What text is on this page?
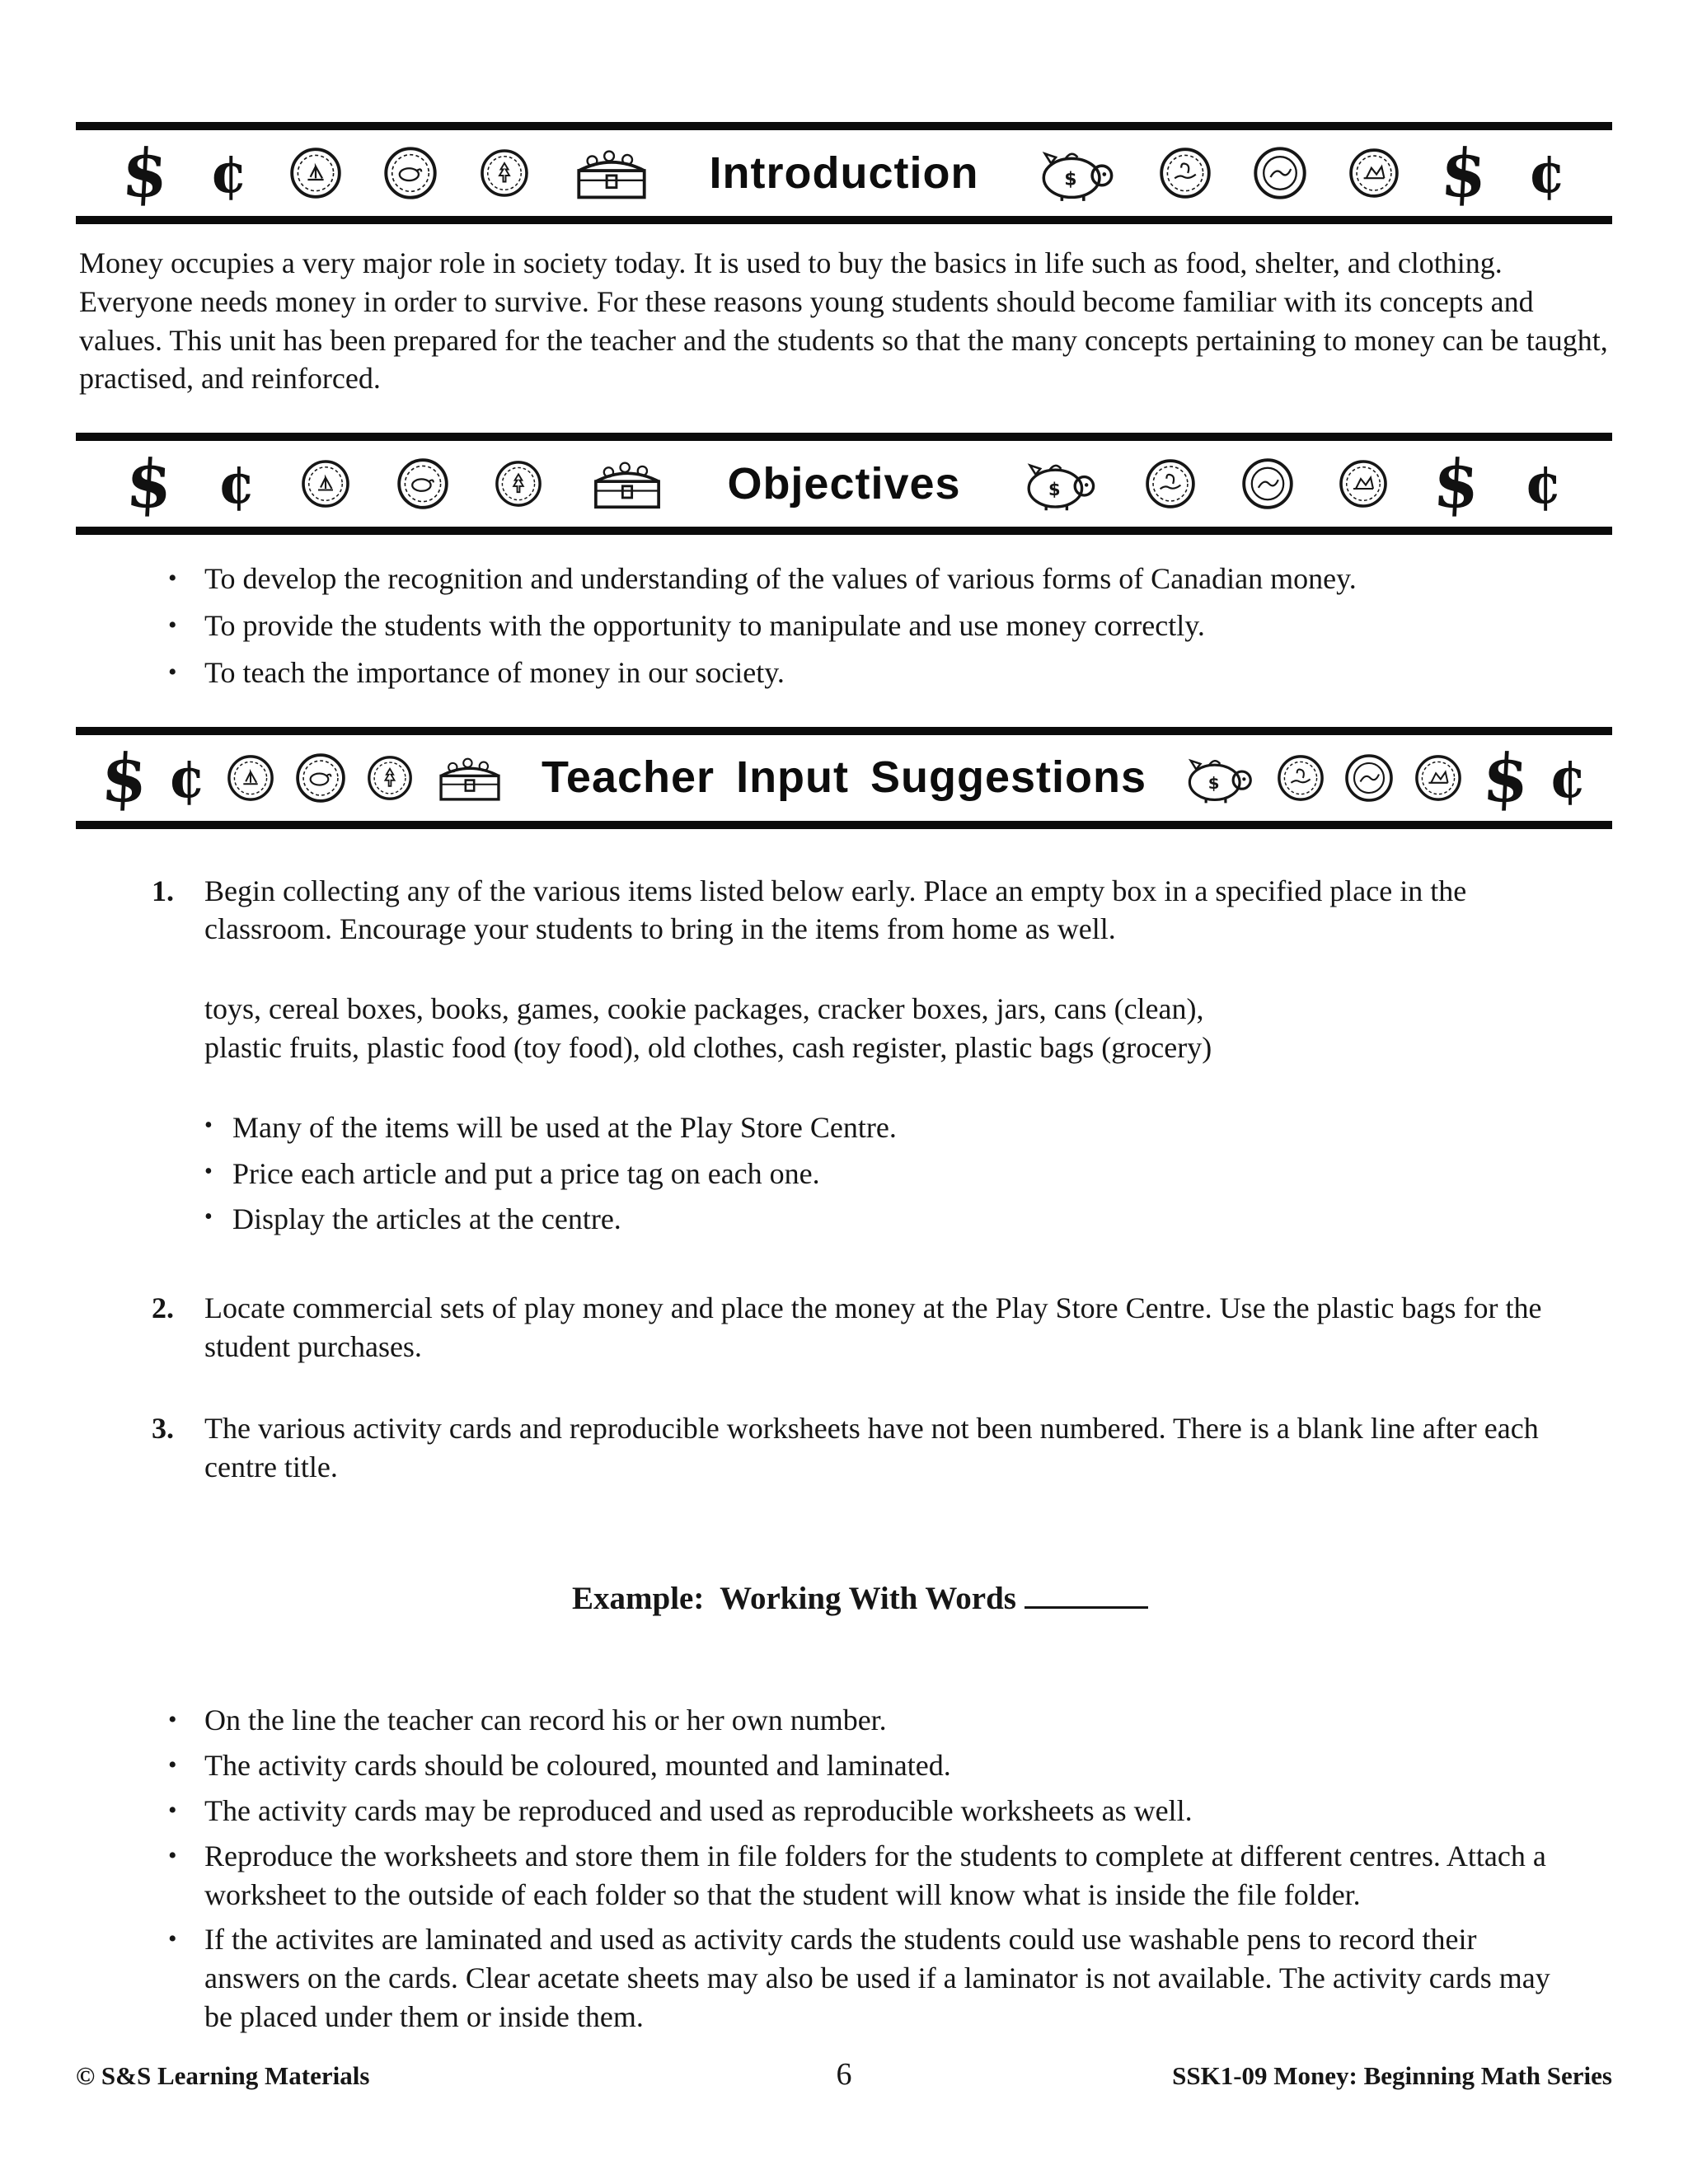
$ ¢	Introduction	$	$ ¢

Money occupies a very major role in society today. It is used to buy the basics in life such as food, shelter, and clothing. Everyone needs money in order to survive. For these reasons young students should become familiar with its concepts and values. This unit has been prepared for the teacher and the students so that the many concepts pertaining to money can be taught, practised, and reinforced.

$ ¢	Objectives	$	$ ¢
• To develop the recognition and understanding of the values of various forms of Canadian money.
• To provide the students with the opportunity to manipulate and use money correctly.
• To teach the importance of money in our society.
$ ¢	Teacher Input Suggestions	$	$ ¢
1.	Begin collecting any of the various items listed below early. Place an empty box in a specified place in the classroom. Encourage your students to bring in the items from home as well.
toys, cereal boxes, books, games, cookie packages, cracker boxes, jars, cans (clean),
plastic fruits, plastic food (toy food), old clothes, cash register, plastic bags (grocery)
• Many of the items will be used at the Play Store Centre.
• Price each article and put a price tag on each one.
• Display the articles at the centre.
2.	Locate commercial sets of play money and place the money at the Play Store Centre. Use the plastic bags for the student purchases.
3.	The various activity cards and reproducible worksheets have not been numbered. There is a blank line after each centre title.

Example:  Working With Words

• On the line the teacher can record his or her own number.
• The activity cards should be coloured, mounted and laminated.
• The activity cards may be reproduced and used as reproducible worksheets as well.
• Reproduce the worksheets and store them in file folders for the students to complete at different centres. Attach a worksheet to the outside of each folder so that the student will know what is inside the file folder.
• If the activites are laminated and used as activity cards the students could use washable pens to record their answers on the cards. Clear acetate sheets may also be used if a laminator is not available. The activity cards may be placed under them or inside them.
© S&S Learning Materials	6	SSK1-09 Money: Beginning Math Series
